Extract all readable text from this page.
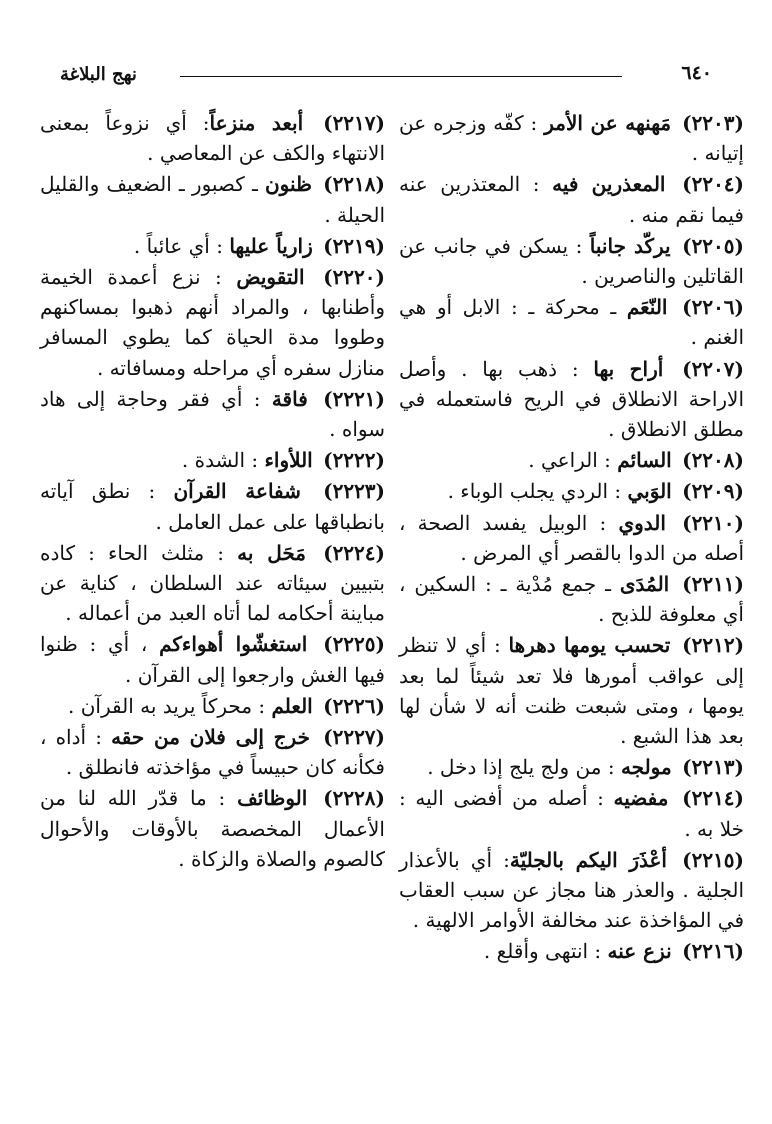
٦٤٠
نهج البلاغة
(٢٢٠٣) مَهنهه عن الأمر : كفّه وزجره عن إتيانه .
(٢٢٠٤) المعذرين فيه : المعتذرين عنه فيما نقم منه .
(٢٢٠٥) يركّد جانباً : يسكن في جانب عن القاتلين والناصرين .
(٢٢٠٦) النّعَم ـ محركة ـ : الابل أو هي الغنم .
(٢٢٠٧) أراح بها : ذهب بها . وأصل الاراحة الانطلاق في الريح فاستعمله في مطلق الانطلاق .
(٢٢٠٨) السائم : الراعي .
(٢٢٠٩) الوَبي : الردي يجلب الوباء .
(٢٢١٠) الدوي : الوبيل يفسد الصحة ، أصله من الدوا بالقصر أي المرض .
(٢٢١١) المُدَى ـ جمع مُدْية ـ : السكين ، أي معلوفة للذبح .
(٢٢١٢) تحسب يومها دهرها : أي لا تنظر إلى عواقب أمورها فلا تعد شيئاً لما بعد يومها ، ومتى شبعت ظنت أنه لا شأن لها بعد هذا الشبع .
(٢٢١٣) مولجه : من ولج يلج إذا دخل .
(٢٢١٤) مفضيه : أصله من أفضى اليه : خلا به .
(٢٢١٥) أعْذَرَ اليكم بالجليّة: أي بالأعذار الجلية . والعذر هنا مجاز عن سبب العقاب في المؤاخذة عند مخالفة الأوامر الالهية .
(٢٢١٦) نزع عنه : انتهى وأقلع .
(٢٢١٧) أبعد منزعاً: أي نزوعاً بمعنى الانتهاء والكف عن المعاصي .
(٢٢١٨) ظنون ـ كصبور ـ الضعيف والقليل الحيلة .
(٢٢١٩) زارياً عليها : أي عائباً .
(٢٢٢٠) التقويض : نزع أعمدة الخيمة وأطنابها ، والمراد أنهم ذهبوا بمساكنهم وطووا مدة الحياة كما يطوي المسافر منازل سفره أي مراحله ومسافاته .
(٢٢٢١) فاقة : أي فقر وحاجة إلى هاد سواه .
(٢٢٢٢) اللأواء : الشدة .
(٢٢٢٣) شفاعة القرآن : نطق آياته بانطباقها على عمل العامل .
(٢٢٢٤) مَحَل به : مثلث الحاء : كاده بتبيين سيئاته عند السلطان ، كناية عن مباينة أحكامه لما أتاه العبد من أعماله .
(٢٢٢٥) استغشّوا أهواءكم ، أي : ظنوا فيها الغش وارجعوا إلى القرآن .
(٢٢٢٦) العلم : محركاً يريد به القرآن .
(٢٢٢٧) خرج إلى فلان من حقه : أداه ، فكأنه كان حبيساً في مؤاخذته فانطلق .
(٢٢٢٨) الوظائف : ما قدّر الله لنا من الأعمال المخصصة بالأوقات والأحوال كالصوم والصلاة والزكاة .
